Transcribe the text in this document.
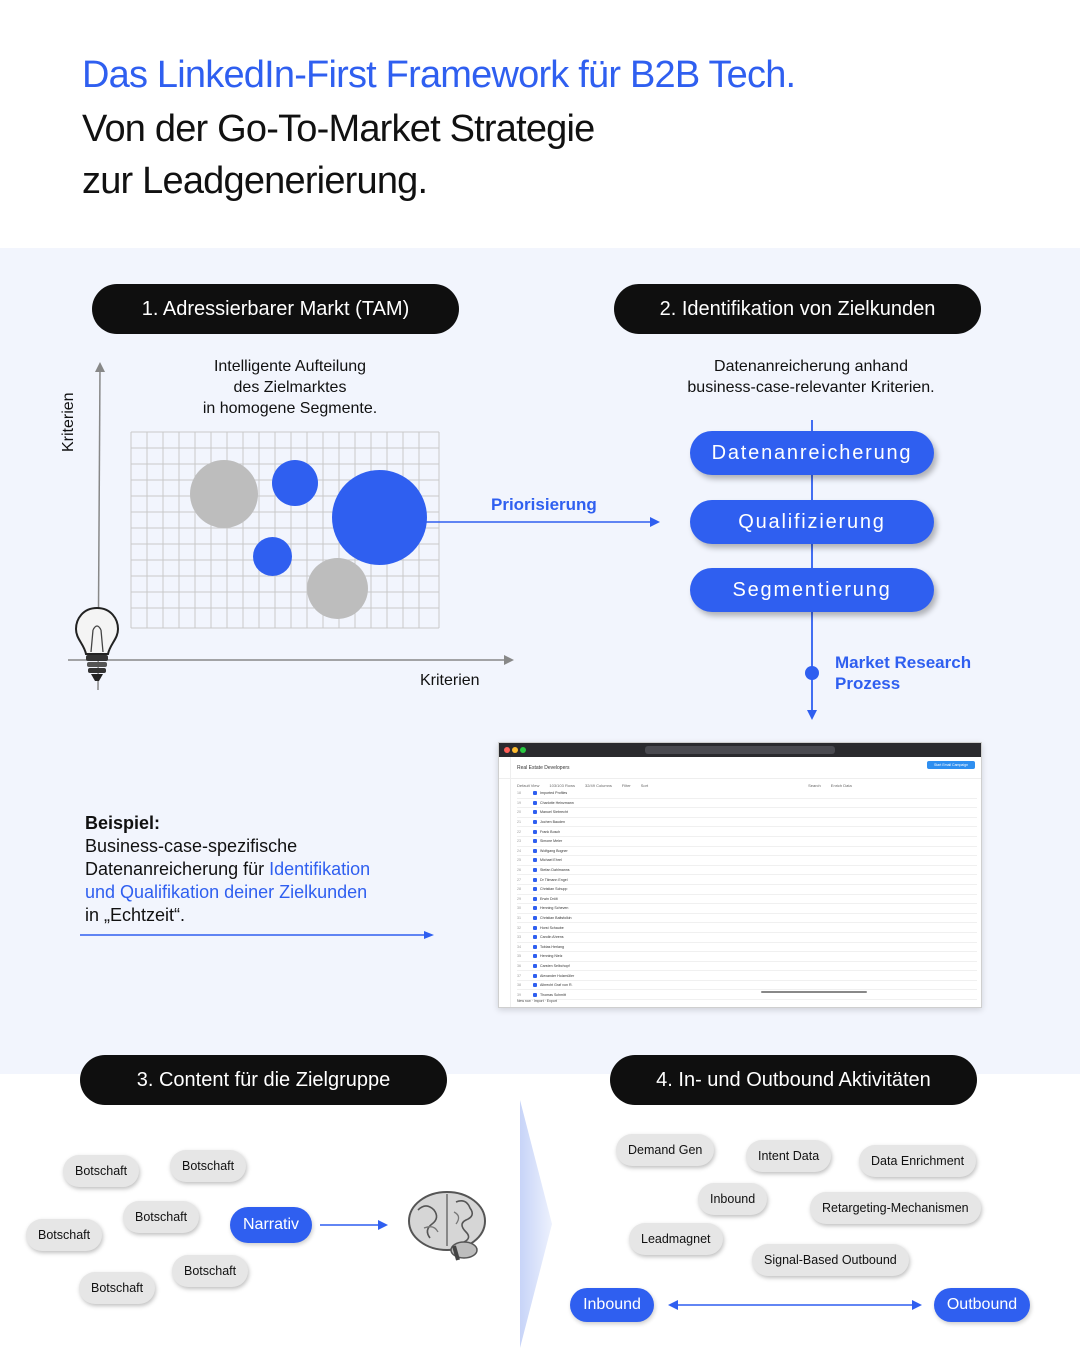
Das LinkedIn-First Framework für B2B Tech.
Von der Go-To-Market Strategie
zur Leadgenerierung.
1. Adressierbarer Markt (TAM)	2. Identifikation von Zielkunden
3. Content für die Zielgruppe	4. In- und Outbound Aktivitäten
Intelligente Aufteilung
des Zielmarktes
in homogene Segmente.
Kriterien
Kriterien
Priorisierung
Datenanreicherung anhand
business-case-relevanter Kriterien.
Datenanreicherung
Qualifizierung
Segmentierung
Market Research
Prozess
Beispiel:
Business-case-spezifische
Datenanreicherung für Identifikation
und Qualifikation deiner Zielkunden
in „Echtzeit“.
Real Estate Developers	Start Email Campaign
Default View	103/103 Rows	32/49 Columns	Filter	Sort	Search	Enrich Data
18	Imported Profiles
19	Charlotte Heinzmann
20	Manuel Siebrecht
21	Jochen Bauden
22	Frank Bosch
23	Simone Meier
24	Wolfgang Bogner
25	Michael Ehrel
26	Stefan Dahlmanns
27	Dr Tilmann Engel
28	Christian Schupp
29	Erwin Drölt
30	Henning Scheven
31	Christian Baltsfolkin
32	Horst Schaube
33	Carolin Ahrens
34	Tobias Herlang
35	Henning Nielz
36	Carsten Selbchopf
37	Alexander Holzmüller
38	Albrecht Graf von R.
39	Thomas Schmitt
New row · Import · Export
Botschaft	Botschaft
Botschaft
Botschaft
Botschaft
Botschaft
Narrativ
Demand Gen	Intent Data	Data Enrichment
Inbound
Retargeting-Mechanismen
Leadmagnet
Signal-Based Outbound
Inbound	Outbound
